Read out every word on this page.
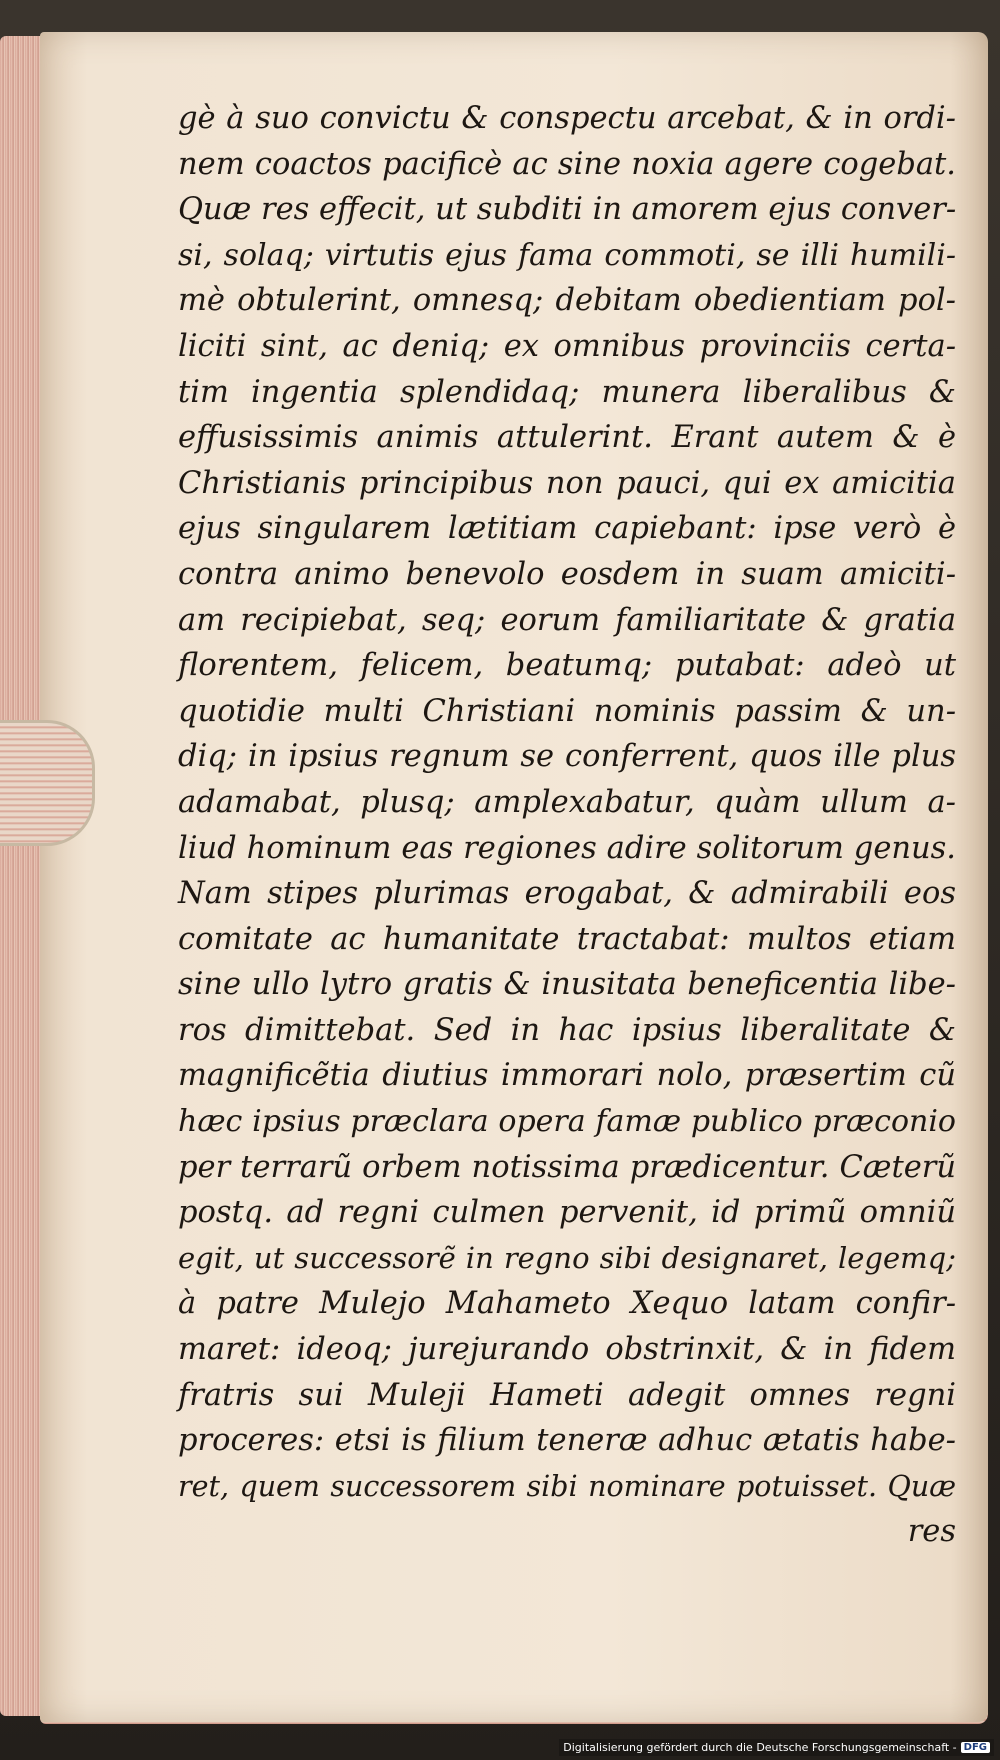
gè à suo convictu & conspectu arcebat, & in ordi-
nem coactos pacificè ac sine noxia agere cogebat.
Quæ res effecit, ut subditi in amorem ejus conver-
si, solaq; virtutis ejus fama commoti, se illi humili-
mè obtulerint, omnesq; debitam obedientiam pol-
liciti sint, ac deniq; ex omnibus provinciis certa-
tim ingentia splendidaq; munera liberalibus &
effusissimis animis attulerint. Erant autem & è
Christianis principibus non pauci, qui ex amicitia
ejus singularem lætitiam capiebant: ipse verò è
contra animo benevolo eosdem in suam amiciti-
am recipiebat, seq; eorum familiaritate & gratia
florentem, felicem, beatumq; putabat: adeò ut
quotidie multi Christiani nominis passim & un-
diq; in ipsius regnum se conferrent, quos ille plus
adamabat, plusq; amplexabatur, quàm ullum a-
liud hominum eas regiones adire solitorum genus.
Nam stipes plurimas erogabat, & admirabili eos
comitate ac humanitate tractabat: multos etiam
sine ullo lytro gratis & inusitata beneficentia libe-
ros dimittebat. Sed in hac ipsius liberalitate &
magnificẽtia diutius immorari nolo, præsertim cũ
hæc ipsius præclara opera famæ publico præconio
per terrarũ orbem notissima prædicentur. Cæterũ
postq. ad regni culmen pervenit, id primũ omniũ
egit, ut successorẽ in regno sibi designaret, legemq;
à patre Mulejo Mahameto Xequo latam confir-
maret: ideoq; jurejurando obstrinxit, & in fidem
fratris sui Muleji Hameti adegit omnes regni
proceres: etsi is filium teneræ adhuc ætatis habe-
ret, quem successorem sibi nominare potuisset. Quæ
res
Digitalisierung gefördert durch die Deutsche Forschungsgemeinschaft - DFG
